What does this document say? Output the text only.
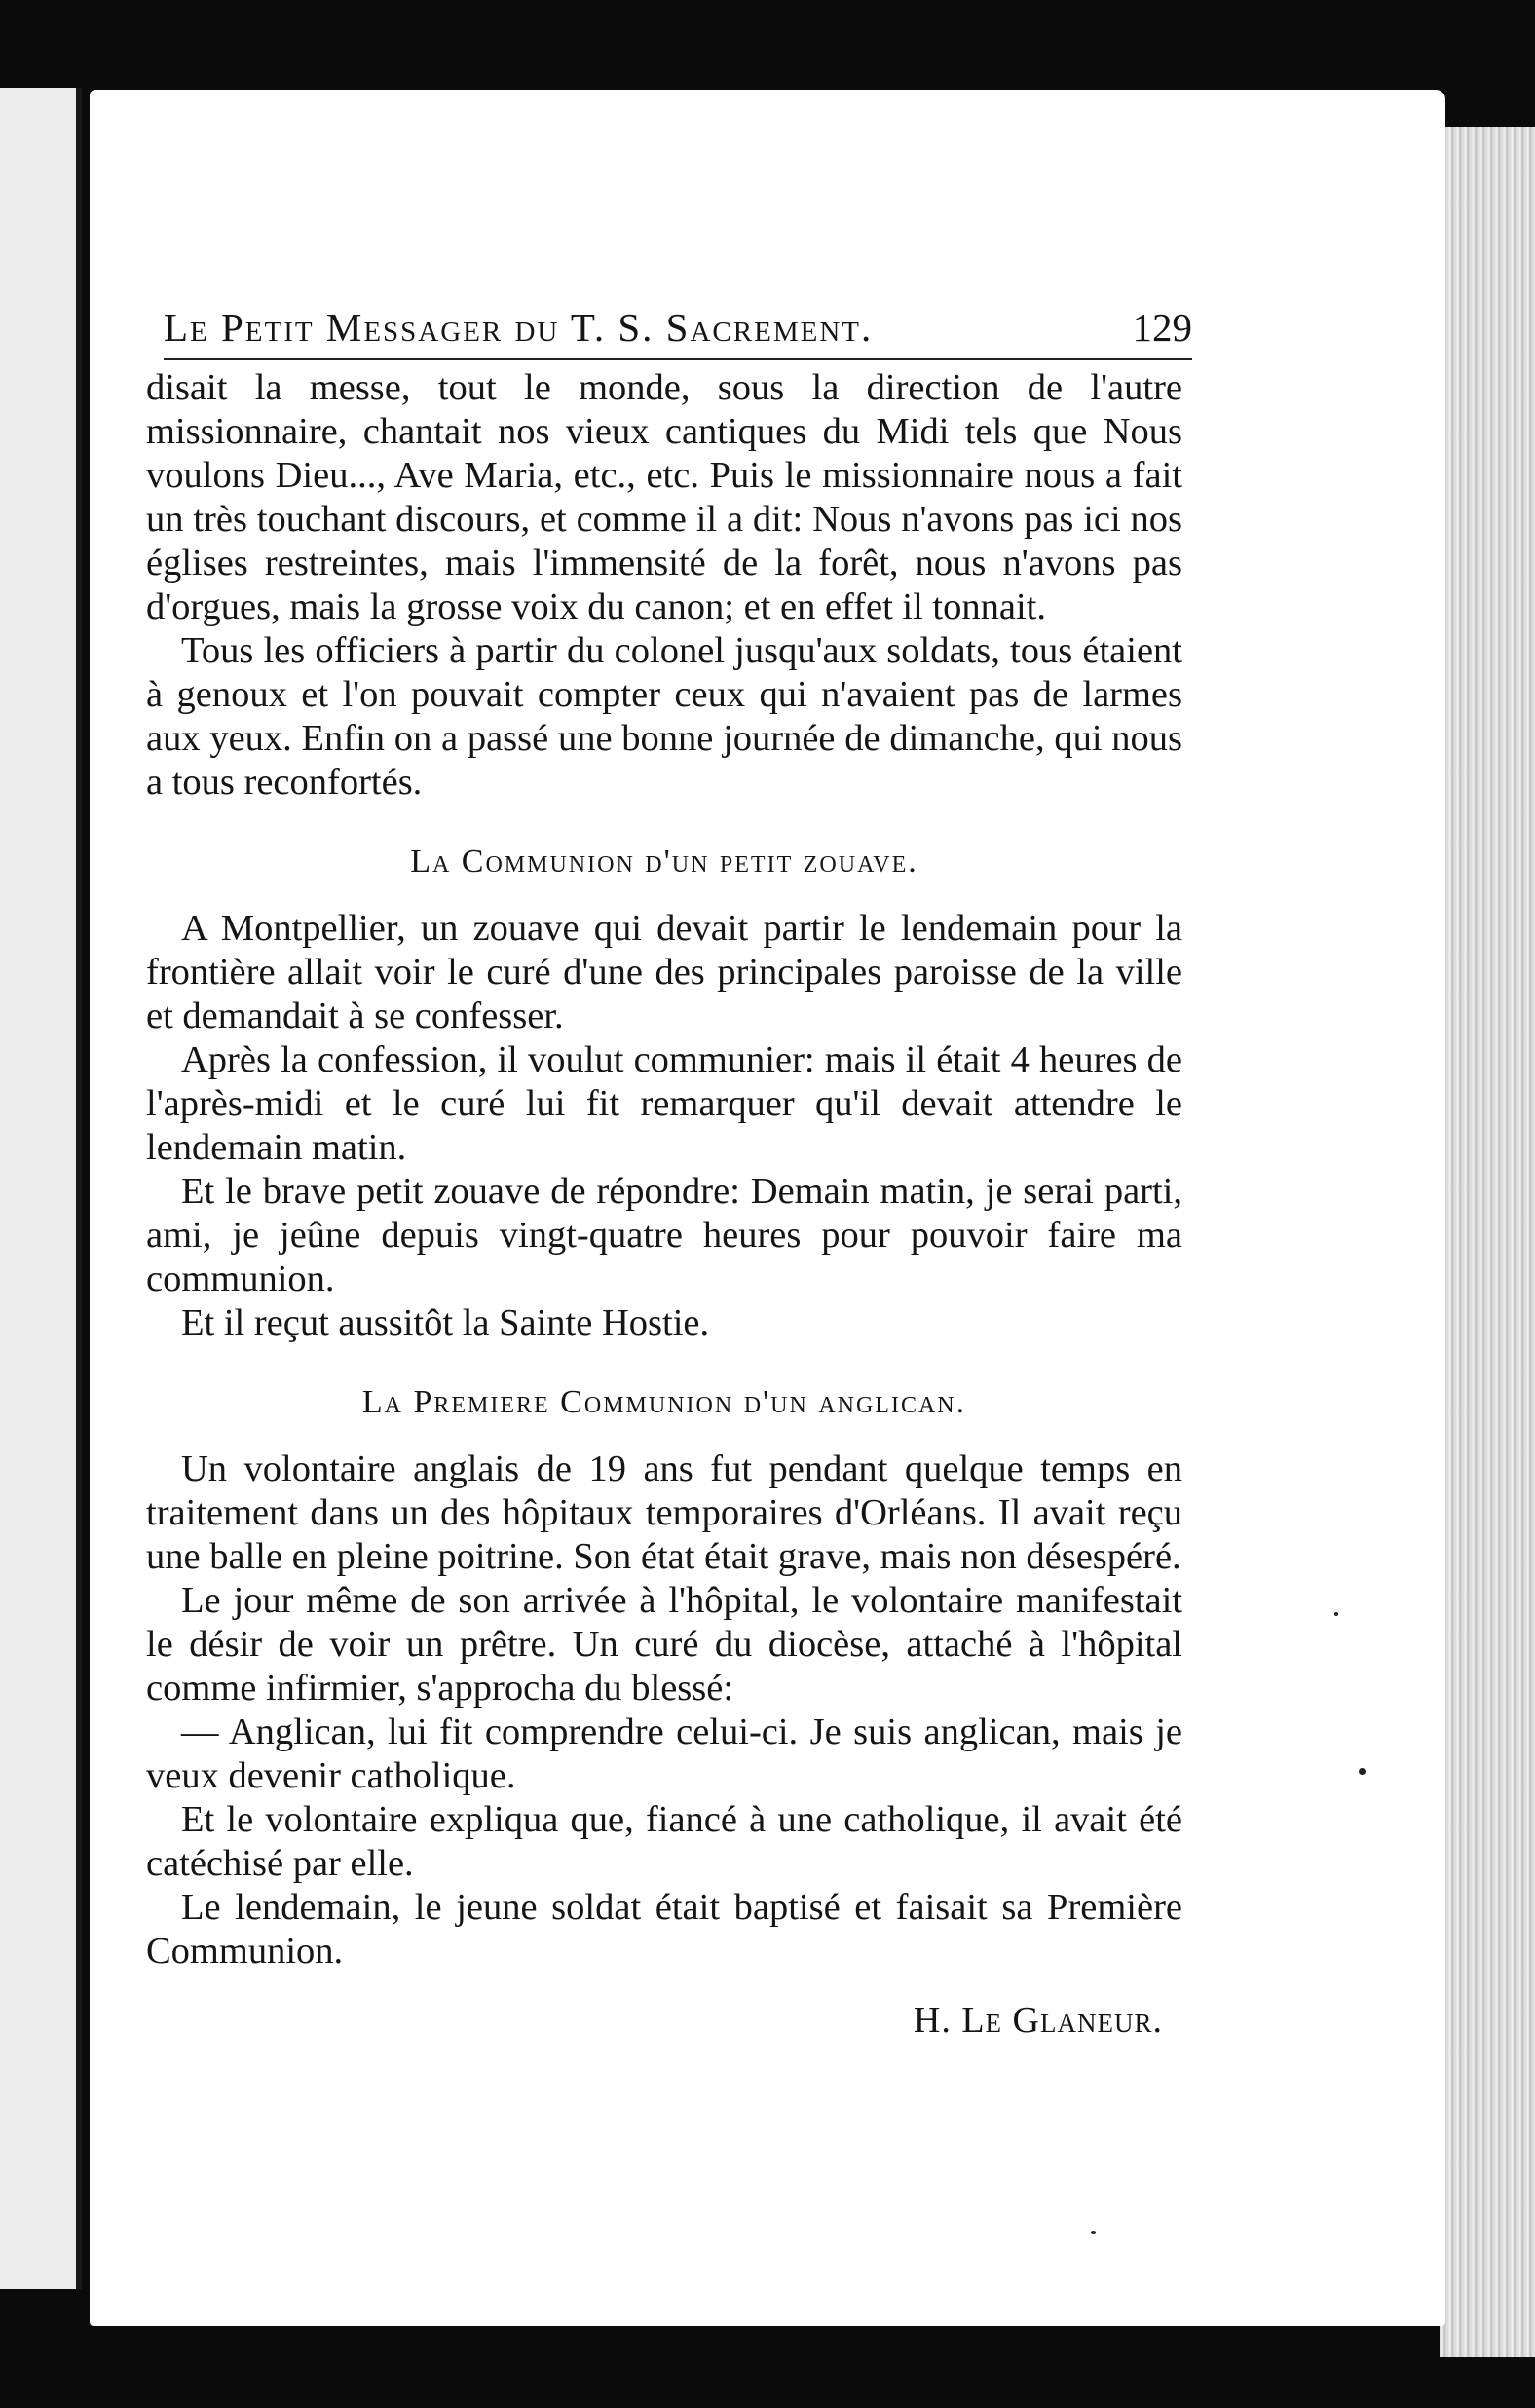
Le Petit Messager du T. S. Sacrement.	129

disait la messe, tout le monde, sous la direction de l'autre missionnaire, chantait nos vieux cantiques du Midi tels que Nous voulons Dieu..., Ave Maria, etc., etc. Puis le missionnaire nous a fait un très touchant discours, et comme il a dit: Nous n'avons pas ici nos églises restreintes, mais l'immensité de la forêt, nous n'avons pas d'orgues, mais la grosse voix du canon; et en effet il tonnait.

Tous les officiers à partir du colonel jusqu'aux soldats, tous étaient à genoux et l'on pouvait compter ceux qui n'avaient pas de larmes aux yeux. Enfin on a passé une bonne journée de dimanche, qui nous a tous reconfortés.

La Communion d'un petit zouave.

A Montpellier, un zouave qui devait partir le lendemain pour la frontière allait voir le curé d'une des principales paroisse de la ville et demandait à se confesser.

Après la confession, il voulut communier: mais il était 4 heures de l'après-midi et le curé lui fit remarquer qu'il devait attendre le lendemain matin.

Et le brave petit zouave de répondre: Demain matin, je serai parti, ami, je jeûne depuis vingt-quatre heures pour pouvoir faire ma communion.

Et il reçut aussitôt la Sainte Hostie.

La Premiere Communion d'un anglican.

Un volontaire anglais de 19 ans fut pendant quelque temps en traitement dans un des hôpitaux temporaires d'Orléans. Il avait reçu une balle en pleine poitrine. Son état était grave, mais non désespéré.

Le jour même de son arrivée à l'hôpital, le volontaire manifestait le désir de voir un prêtre. Un curé du diocèse, attaché à l'hôpital comme infirmier, s'approcha du blessé:

— Anglican, lui fit comprendre celui-ci. Je suis anglican, mais je veux devenir catholique.

Et le volontaire expliqua que, fiancé à une catholique, il avait été catéchisé par elle.

Le lendemain, le jeune soldat était baptisé et faisait sa Première Communion.

H. Le Glaneur.
